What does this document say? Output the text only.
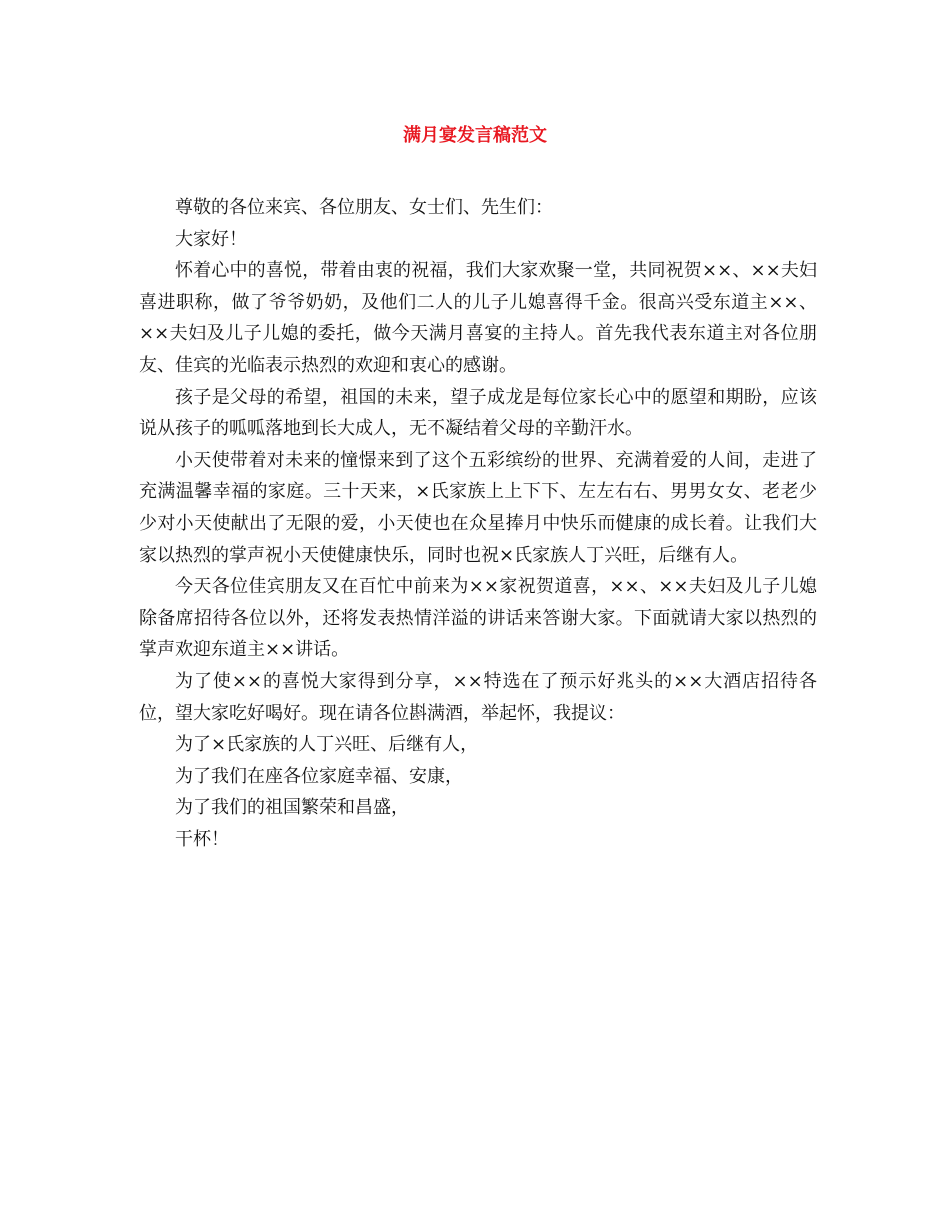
满月宴发言稿范文

尊敬的各位来宾、各位朋友、女士们、先生们：

大家好！

怀着心中的喜悦，带着由衷的祝福，我们大家欢聚一堂，共同祝贺××、××夫妇喜进职称，做了爷爷奶奶，及他们二人的儿子儿媳喜得千金。很高兴受东道主××、××夫妇及儿子儿媳的委托，做今天满月喜宴的主持人。首先我代表东道主对各位朋友、佳宾的光临表示热烈的欢迎和衷心的感谢。

孩子是父母的希望，祖国的未来，望子成龙是每位家长心中的愿望和期盼，应该说从孩子的呱呱落地到长大成人，无不凝结着父母的辛勤汗水。

小天使带着对未来的憧憬来到了这个五彩缤纷的世界、充满着爱的人间，走进了充满温馨幸福的家庭。三十天来，×氏家族上上下下、左左右右、男男女女、老老少少对小天使献出了无限的爱，小天使也在众星捧月中快乐而健康的成长着。让我们大家以热烈的掌声祝小天使健康快乐，同时也祝×氏家族人丁兴旺，后继有人。

今天各位佳宾朋友又在百忙中前来为××家祝贺道喜，××、××夫妇及儿子儿媳除备席招待各位以外，还将发表热情洋溢的讲话来答谢大家。下面就请大家以热烈的掌声欢迎东道主××讲话。

为了使××的喜悦大家得到分享，××特选在了预示好兆头的××大酒店招待各位，望大家吃好喝好。现在请各位斟满酒，举起怀，我提议：

为了×氏家族的人丁兴旺、后继有人，

为了我们在座各位家庭幸福、安康，

为了我们的祖国繁荣和昌盛，

干杯！
